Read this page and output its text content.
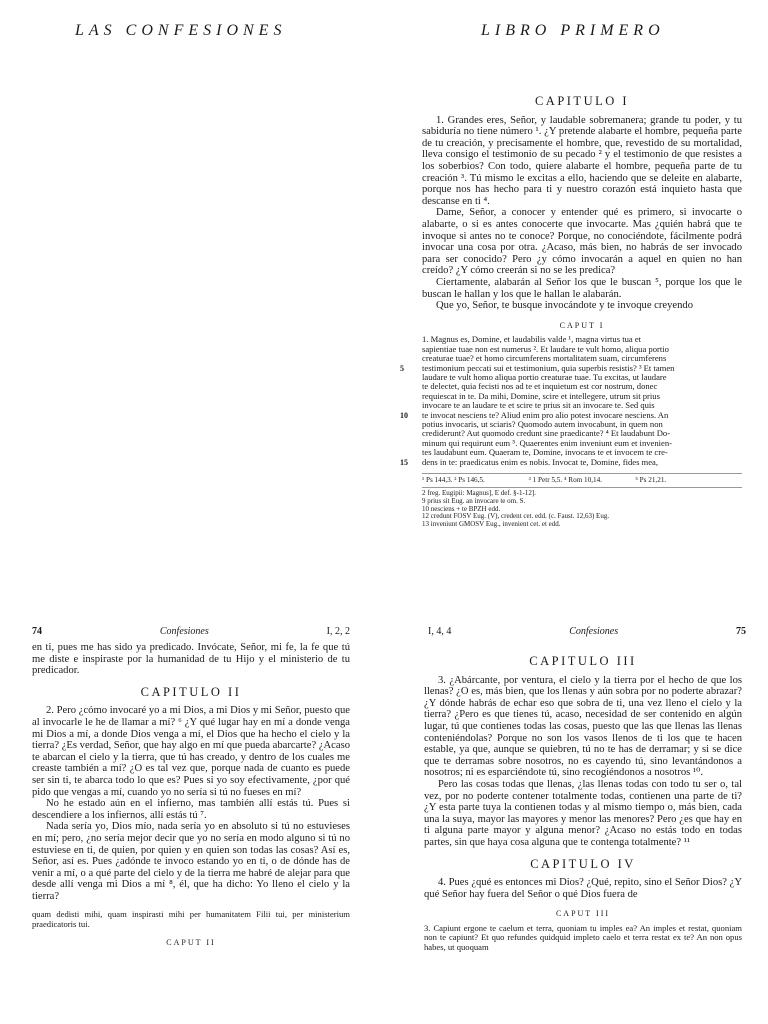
LAS CONFESIONES	LIBRO PRIMERO
CAPITULO I

1. Grandes eres, Señor, y laudable sobremanera; grande tu poder, y tu sabiduría no tiene número ¹. ¿Y pretende alabarte el hombre, pequeña parte de tu creación, y precisamente el hombre, que, revestido de su mortalidad, lleva consigo el testimonio de su pecado ² y el testimonio de que resistes a los soberbios? Con todo, quiere alabarte el hombre, pequeña parte de tu creación ³. Tú mismo le excitas a ello, haciendo que se deleite en alabarte, porque nos has hecho para ti y nuestro corazón está inquieto hasta que descanse en ti ⁴.

Dame, Señor, a conocer y entender qué es primero, si invocarte o alabarte, o si es antes conocerte que invocarte. Mas ¿quién habrá que te invoque si antes no te conoce? Porque, no conociéndote, fácilmente podrá invocar una cosa por otra. ¿Acaso, más bien, no habrás de ser invocado para ser conocido? Pero ¿y cómo invocarán a aquel en quien no han creído? ¿Y cómo creerán si no se les predica?

Ciertamente, alabarán al Señor los que le buscan ⁵, porque los que le buscan le hallan y los que le hallan le alabarán.

Que yo, Señor, te busque invocándote y te invoque creyendo

CAPUT I
1. Magnus es, Domine, et laudabilis valde ¹, magna virtus tua et
sapientiae tuae non est numerus ². Et laudare te vult homo, aliqua portio
creaturae tuae? et homo circumferens mortalitatem suam, circumferens
5 testimonium peccati sui et testimonium, quia superbis resistis? ³ Et tamen
laudare te vult homo aliqua portio creaturae tuae. Tu excitas, ut laudare
te delectet, quia fecisti nos ad te et inquietum est cor nostrum, donec
requiescat in te. Da mihi, Domine, scire et intellegere, utrum sit prius
invocare te an laudare te et scire te prius sit an invocare te. Sed quis
10 te invocat nesciens te? Aliud enim pro alio potest invocare nesciens. An
potius invocaris, ut sciaris? Quomodo autem invocabunt, in quem non
crediderunt? Aut quomodo credunt sine praedicante? ⁴ Et laudabunt Do-
minum qui requirunt eum ⁵. Quaerentes enim inveniunt eum et invenien-
tes laudabunt eum. Quaeram te, Domine, invocans te et invocem te cre-
15 dens in te: praedicatus enim es nobis. Invocat te, Domine, fides mea,
¹ Ps 144,3. ² Ps 146,5.	³ 1 Petr 5,5. ⁴ Rom 10,14.	⁵ Ps 21,21.
2 freg. Eugipii: Magnus], E def. §-1-12].
9 prius sit Eug. an invocare te om. S.
10 nesciens + te BPZH edd.
12 credunt FOSV Eug. (V), credent cet. edd. (c. Faust. 12,63) Eug.
13 inveniunt GMOSV Eug., invenient cet. et edd.
74	Confesiones	I, 2, 2

en ti, pues me has sido ya predicado. Invócate, Señor, mi fe, la fe que tú me diste e inspiraste por la humanidad de tu Hijo y el ministerio de tu predicador.

CAPITULO II

2. Pero ¿cómo invocaré yo a mi Dios, a mi Dios y mi Señor, puesto que al invocarle le he de llamar a mí? ⁶ ¿Y qué lugar hay en mí a donde venga mi Dios a mí, a donde Dios venga a mí, el Dios que ha hecho el cielo y la tierra? ¿Es verdad, Señor, que hay algo en mí que pueda abarcarte? ¿Acaso te abarcan el cielo y la tierra, que tú has creado, y dentro de los cuales me creaste también a mí? ¿O es tal vez que, porque nada de cuanto es puede ser sin ti, te abarca todo lo que es? Pues si yo soy efectivamente, ¿por qué pido que vengas a mí, cuando yo no sería si tú no fueses en mí?

No he estado aún en el infierno, mas también allí estás tú. Pues si descendiere a los infiernos, allí estás tú ⁷.

Nada sería yo, Dios mío, nada sería yo en absoluto si tú no estuvieses en mí; pero, ¿no sería mejor decir que yo no sería en modo alguno si tú no estuviese en ti, de quien, por quien y en quien son todas las cosas? Así es, Señor, así es. Pues ¿adónde te invoco estando yo en ti, o de dónde has de venir a mí, o a qué parte del cielo y de la tierra me habré de alejar para que desde allí venga mi Dios a mí ⁸, él, que ha dicho: Yo lleno el cielo y la tierra?

quam dedisti mihi, quam inspirasti mihi per humanitatem Filii tui, per ministerium praedicatoris tui.
CAPUT II
I, 4, 4	Confesiones	75
CAPITULO III

3. ¿Abárcante, por ventura, el cielo y la tierra por el hecho de que los llenas? ¿O es, más bien, que los llenas y aún sobra por no poderte abrazar? ¿Y dónde habrás de echar eso que sobra de ti, una vez lleno el cielo y la tierra? ¿Pero es que tienes tú, acaso, necesidad de ser contenido en algún lugar, tú que contienes todas las cosas, puesto que las que llenas las llenas conteniéndolas? Porque no son los vasos llenos de ti los que te hacen estable, ya que, aunque se quiebren, tú no te has de derramar; y si se dice que te derramas sobre nosotros, no es cayendo tú, sino levantándonos a nosotros; ni es esparciéndote tú, sino recogiéndonos a nosotros ¹⁰.

Pero las cosas todas que llenas, ¿las llenas todas con todo tu ser o, tal vez, por no poderte contener totalmente todas, contienen una parte de ti? ¿Y esta parte tuya la contienen todas y al mismo tiempo o, más bien, cada una la suya, mayor las mayores y menor las menores? Pero ¿es que hay en ti alguna parte mayor y alguna menor? ¿Acaso no estás todo en todas partes, sin que haya cosa alguna que te contenga totalmente? ¹¹

CAPITULO IV

4. Pues ¿qué es entonces mi Dios? ¿Qué, repito, sino el Señor Dios? ¿Y qué Señor hay fuera del Señor o qué Dios fuera de

CAPUT III
3. Capiunt ergone te caelum et terra, quoniam tu imples ea? An imples et restat, quoniam non te capiunt? Et quo refundes quidquid impleto caelo et terra restat ex te? An non opus habes, ut quoquam
